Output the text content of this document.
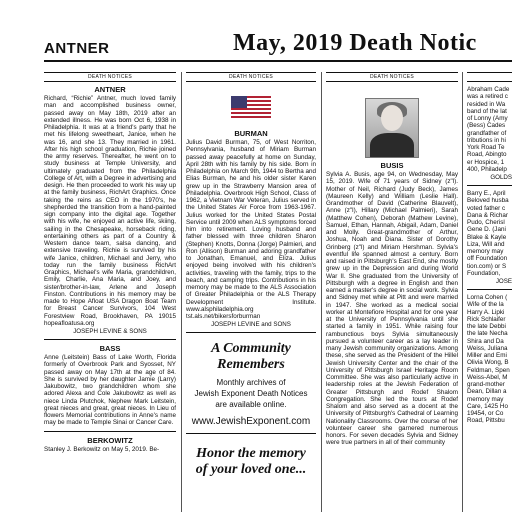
ANTNER	May, 2019 Death Notic
DEATH NOTICES
ANTNER

Richard, “Richie” Antner, much loved family man and accomplished business owner, passed away on May 18th, 2019 after an extended illness. He was born Oct 6, 1938 in Philadelphia. It was at a friend's party that he met his lifelong sweetheart, Janice, when he was 16, and she 13. They married in 1961. After his high school graduation, Richie joined the army reserves. Thereafter, he went on to study business at Temple University, and ultimately graduated from the Philadelphia College of Art, with a Degree in advertising and design. He then proceeded to work his way up at the family business, RichArt Graphics. Once taking the reins as CEO in the 1970's, he shepherded the transition from a hand-painted sign company into the digital age. Together with his wife, he enjoyed an active life, skiing, sailing in the Chesapeake, horseback riding, entertaining others as part of a Country & Western dance team, salsa dancing, and extensive traveling. Richie is survived by his wife Janice, children, Michael and Jerry, who today run the family business RichArt Graphics, Michael's wife Maria, grandchildren, Emily, Charlie, Ana Maria, and Joey, and sister/brother-in-law, Arlene and Joseph Finston. Contributions in his memory may be made to Hope Afloat USA Dragon Boat Team for Breast Cancer Survivors, 104 West Forestview Road, Brookhaven, PA 19015 hopeafloatusa.org

JOSEPH LEVINE & SONS
BASS

Anne (Leitstein) Bass of Lake Worth, Florida formerly of Overbrook Park and Syosset, NY passed away on May 17th at the age of 84. She is survived by her daughter Jamie (Larry) Jakubowitz, two grandchildren whom she adored Alexa and Cole Jakubowitz as well as niece Linda Plutchok, Nephew Mark Leitstein, great nieces and great, great nieces. In Lieu of flowers Memorial contributions in Anne's name may be made to Temple Sinai or Cancer Care.

BERKOWITZ

Stanley J. Berkowitz on May 5, 2019. Be-

DEATH NOTICES
BURMAN

Julius David Burman, 75, of West Norriton, Pennsylvania, husband of Miriam Burman passed away peacefully at home on Sunday, April 28th with his family by his side. Born in Philadelphia on March 9th, 1944 to Bertha and Elias Burman, he and his older sister Karen grew up in the Strawberry Mansion area of Philadelphia. Overbrook High School, Class of 1962, a Vietnam War Veteran, Julius served in the United States Air Force from 1963-1967. Julius worked for the United States Postal Service until 2009 when ALS symptoms forced him into retirement. Loving husband and father blessed with three children Sharon (Stephen) Knotts, Donna (Jorge) Palmieri, and Ron (Allison) Burman and adoring grandfather to Jonathan, Emanuel, and Eliza. Julius enjoyed being involved with his children's activities, traveling with the family, trips to the beach, and camping trips. Contributions in his memory may be made to the ALS Association of Greater Philadelphia or the ALS Therapy Development Institute. www.alsphiladelphia.org tst.als.net/bikersforburman

JOSEPH LEVINE and SONS
A Community
Remembers

Monthly archives of

Jewish Exponent Death Notices

are available online.

www.JewishExponent.com
Honor the memory
of your loved one...
DEATH NOTICES
BUSIS

Sylvia A. Busis, age 94, on Wednesday, May 15, 2019. Wife of 71 years of Sidney (z"l). Mother of Neil, Richard (Judy Beck), James (Maureen Kelly) and William (Leslie Hall). Grandmother of David (Catherine Blauvelt), Anne (z"l), Hillary (Michael Palmieri), Sarah (Matthew Cohen), Deborah (Mathew Levine), Samuel, Ethan, Hannah, Abigail, Adam, Daniel and Molly. Great-grandmother of Arthur, Joshua, Noah and Diana. Sister of Dorothy Grinberg (z"l) and Miriam Hershman. Sylvia's eventful life spanned almost a century. Born and raised in Pittsburgh's East End, she mostly grew up in the Depression and during World War II. She graduated from the University of Pittsburgh with a degree in English and then earned a master's degree in social work. Sylvia and Sidney met while at Pitt and were married in 1947. She worked as a medical social worker at Montefiore Hospital and for one year at the University of Pennsylvania until she started a family in 1951. While raising four rambunctious boys Sylvia simultaneously pursued a volunteer career as a lay leader in many Jewish community organizations. Among these, she served as the President of the Hillel Jewish University Center and the chair of the University of Pittsburgh Israel Heritage Room Committee. She was also particularly active in leadership roles at the Jewish Federation of Greater Pittsburgh and Rodef Shalom Congregation. She led the tours at Rodef Shalom and also served as a docent at the University of Pittsburgh's Cathedral of Learning Nationality Classrooms. Over the course of her volunteer career she garnered numerous honors. For seven decades Sylvia and Sidney were true partners in all of their community

Abraham Cade was a retired c resided in Wa band of the lat of Lonny (Amy (Bess) Cades grandfather of tributions in hi York Road Te Road, Abingto er Hospice, 1 400, Philadelp

GOLDS

Barry E., April Beloved husba voted father c Dana & Richar Pudo, Cherisl Gene D. (Jani Blake & Kayle Liza, Will and memory may off Foundation tion.com) or S Foundation,

JOSE

Lorna Cohen ( Wife of the la Harry A. Lipki Rick Schlaifer the late Debbi the late Necha Shira and Da Weiss, Juliana Miller and Emi Olivia Wong, B Feldman, Spen Weiss-Abel, M grand-mother Dean, Dillan a memory may Care, 1425 Ho 19454, or Co Road, Pittsbu
